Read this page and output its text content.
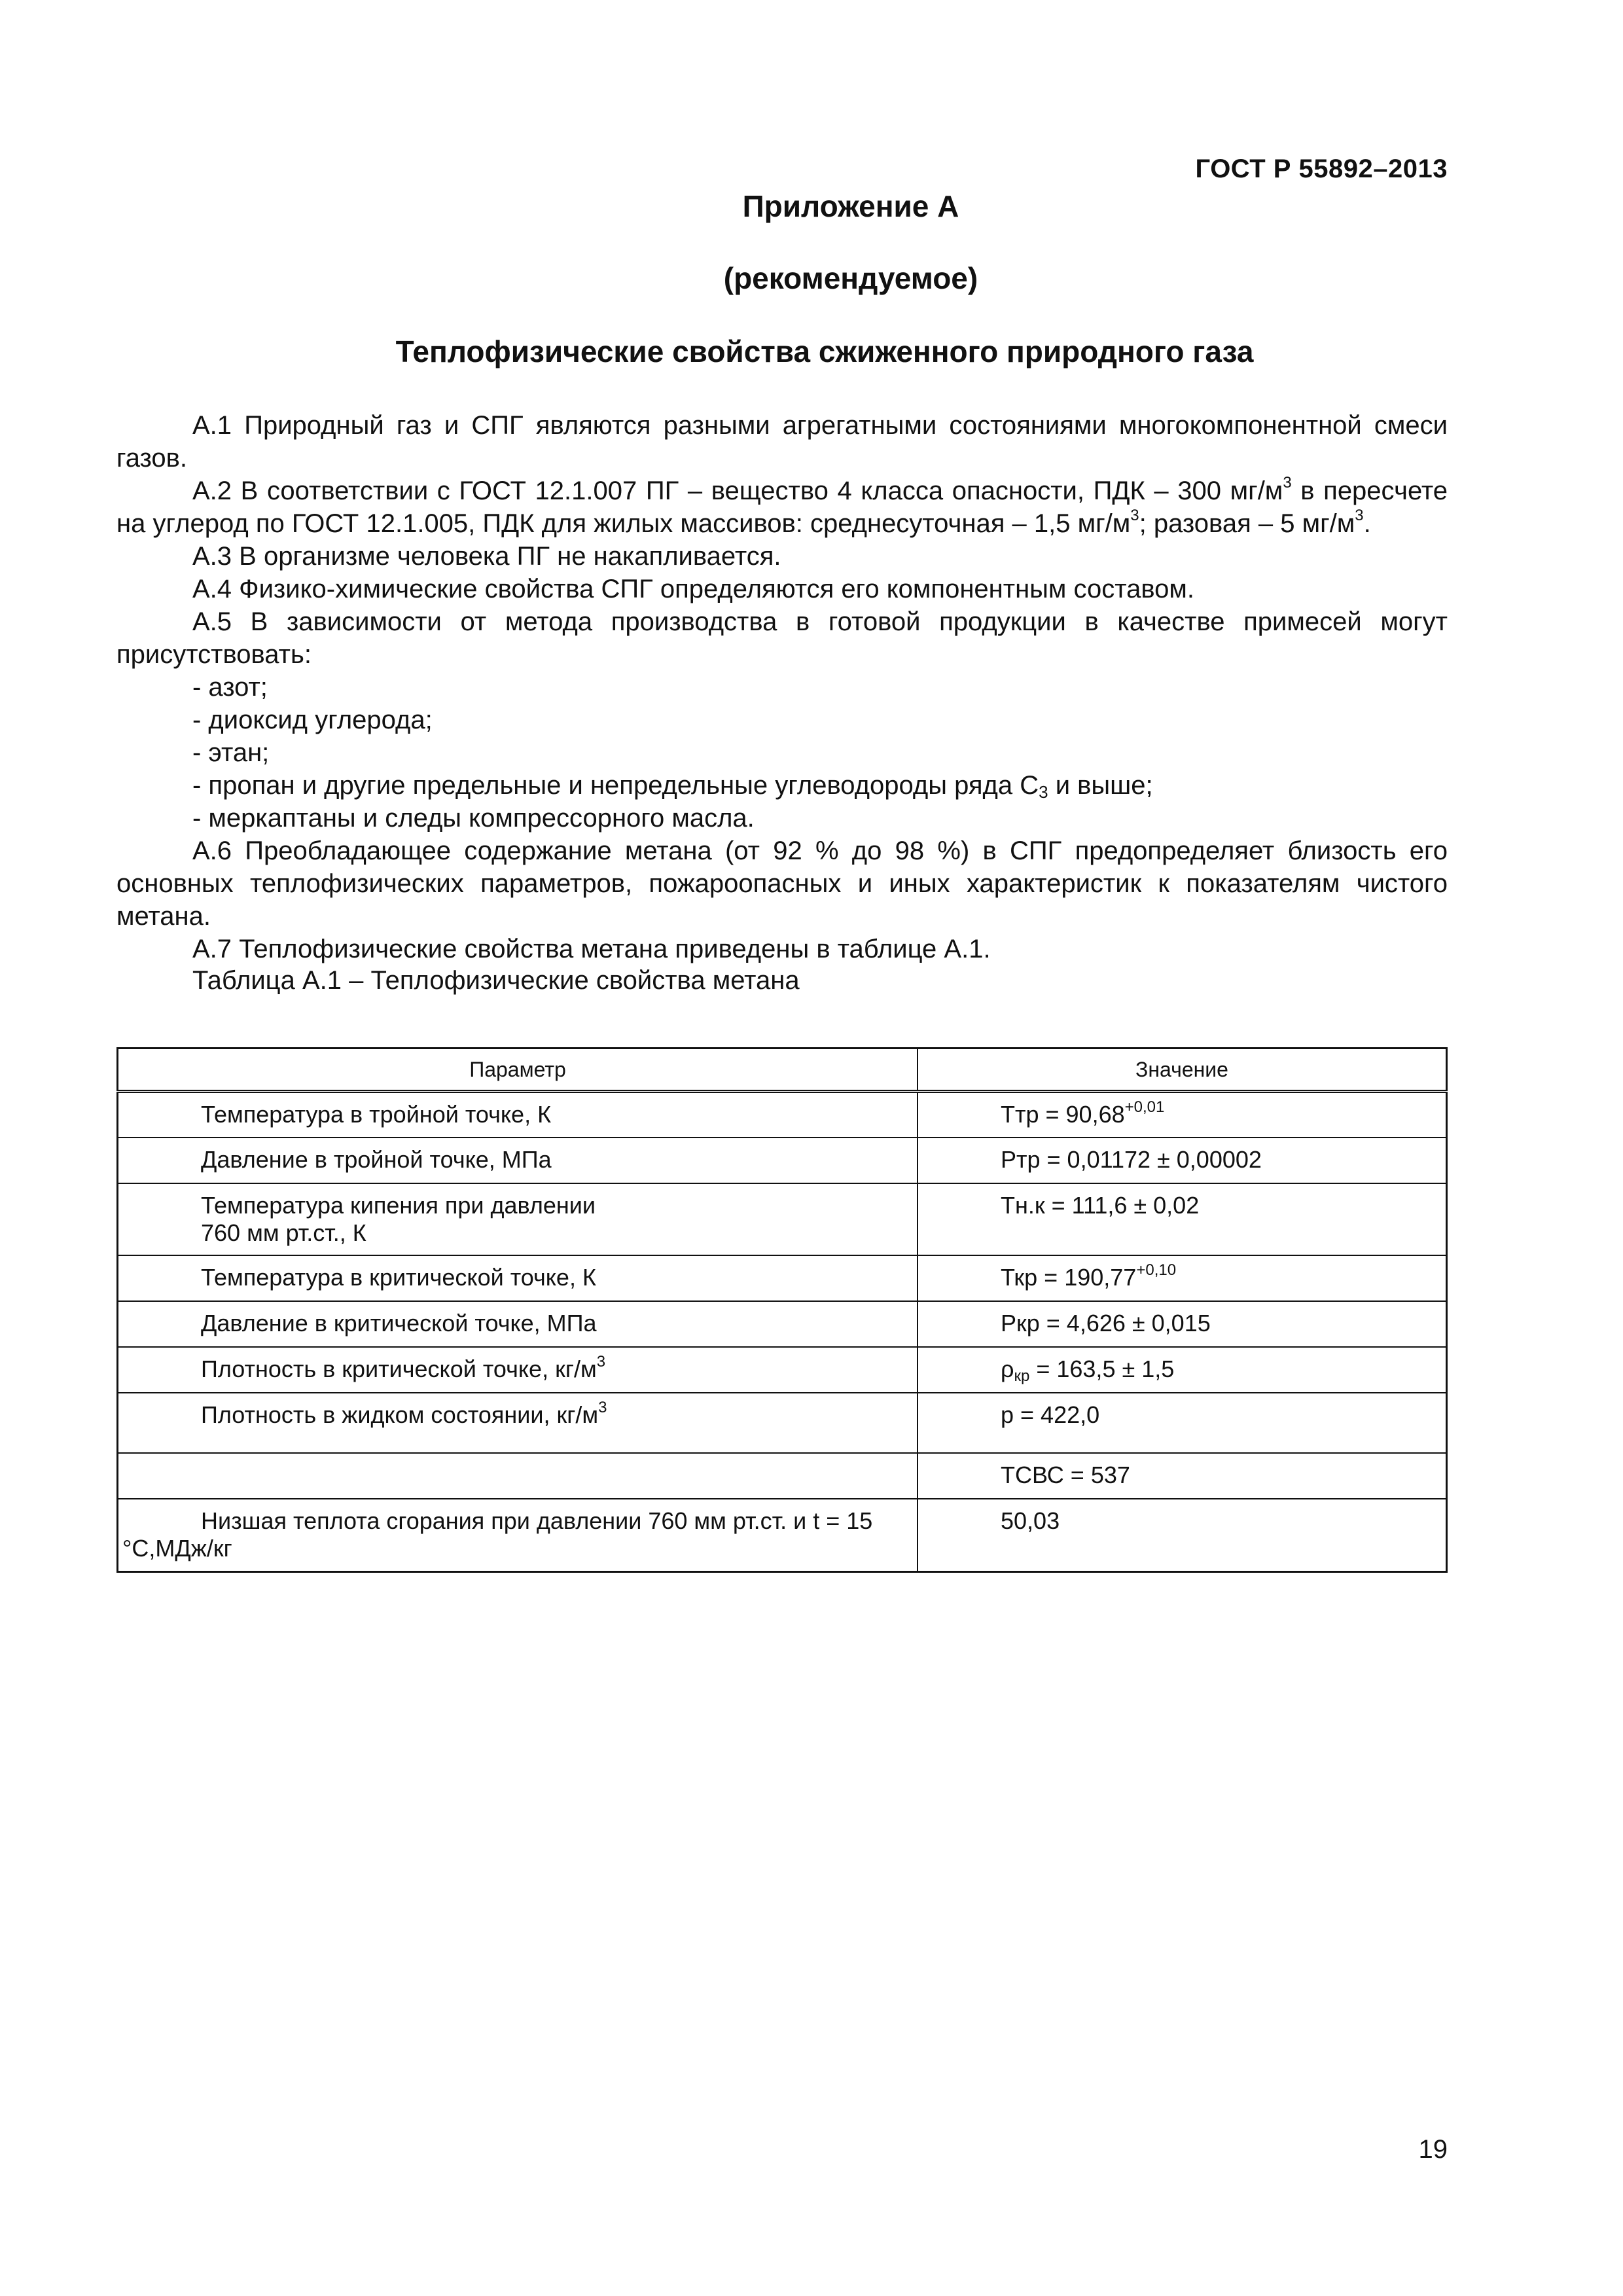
ГОСТ Р 55892–2013
Приложение А
(рекомендуемое)
Теплофизические свойства сжиженного природного газа

А.1 Природный газ и СПГ являются разными агрегатными состояниями многокомпонентной смеси газов.

А.2 В соответствии с ГОСТ 12.1.007 ПГ – вещество 4 класса опасности, ПДК – 300 $мг/м^3$ в пересчете на углерод по ГОСТ 12.1.005, ПДК для жилых массивов: среднесуточная – 1,5 $мг/м^3$; разовая – 5 $мг/м^3$.

А.3 В организме человека ПГ не накапливается.

А.4 Физико-химические свойства СПГ определяются его компонентным составом.

А.5 В зависимости от метода производства в готовой продукции в качестве примесей могут присутствовать:

- азот;

- диоксид углерода;

- этан;

- пропан и другие предельные и непредельные углеводороды ряда $С_3$ и выше;

- меркаптаны и следы компрессорного масла.

А.6 Преобладающее содержание метана (от 92 % до 98 %) в СПГ предопределяет близость его основных теплофизических параметров, пожароопасных и иных характеристик к показателям чистого метана.

А.7 Теплофизические свойства метана приведены в таблице А.1.

Таблица А.1 – Теплофизические свойства метана

Параметр	Значение
Температура в тройной точке, К	Ттр = $90,68^{+0,01}$
Давление в тройной точке, МПа	Ртр = 0,01172 ± 0,00002

Температура кипения при давлении
760 мм рт.ст., К	Тн.к = 111,6 ± 0,02
Температура в критической точке, К	Ткр = $190,77^{+0,10}$
Давление в критической точке, МПа	Ркр = 4,626 ± 0,015
Плотность в критической точке, $кг/м^3$	$\rho_{кр} = 163,5 \pm 1,5$
Плотность в жидком состоянии, $кг/м^3$	р = 422,0
	ТСВС = 537
Низшая теплота сгорания при давлении 760 мм рт.ст. и t = 15 °С,МДж/кг	50,03
19
